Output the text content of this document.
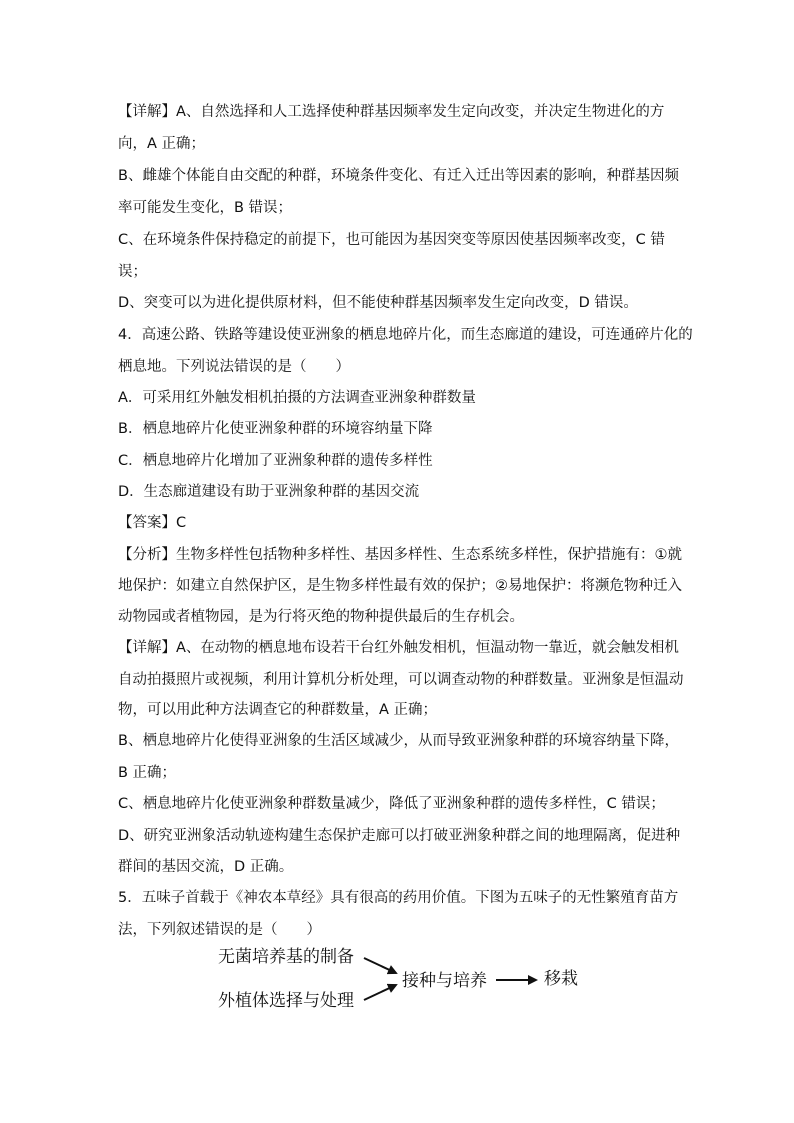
【详解】A、自然选择和人工选择使种群基因频率发生定向改变，并决定生物进化的方
向，A 正确；
B、雌雄个体能自由交配的种群，环境条件变化、有迁入迁出等因素的影响，种群基因频
率可能发生变化，B 错误；
C、在环境条件保持稳定的前提下，也可能因为基因突变等原因使基因频率改变，C 错
误；
D、突变可以为进化提供原材料，但不能使种群基因频率发生定向改变，D 错误。
4．高速公路、铁路等建设使亚洲象的栖息地碎片化，而生态廊道的建设，可连通碎片化的
栖息地。下列说法错误的是（　　）
A．可采用红外触发相机拍摄的方法调查亚洲象种群数量
B．栖息地碎片化使亚洲象种群的环境容纳量下降
C．栖息地碎片化增加了亚洲象种群的遗传多样性
D．生态廊道建设有助于亚洲象种群的基因交流
【答案】C
【分析】生物多样性包括物种多样性、基因多样性、生态系统多样性，保护措施有：①就
地保护：如建立自然保护区，是生物多样性最有效的保护；②易地保护：将濒危物种迁入
动物园或者植物园，是为行将灭绝的物种提供最后的生存机会。
【详解】A、在动物的栖息地布设若干台红外触发相机，恒温动物一靠近，就会触发相机
自动拍摄照片或视频，利用计算机分析处理，可以调查动物的种群数量。亚洲象是恒温动
物，可以用此种方法调查它的种群数量，A 正确；
B、栖息地碎片化使得亚洲象的生活区域减少，从而导致亚洲象种群的环境容纳量下降，
B 正确；
C、栖息地碎片化使亚洲象种群数量减少，降低了亚洲象种群的遗传多样性，C 错误；
D、研究亚洲象活动轨迹构建生态保护走廊可以打破亚洲象种群之间的地理隔离，促进种
群间的基因交流，D 正确。
5．五味子首载于《神农本草经》具有很高的药用价值。下图为五味子的无性繁殖育苗方
法，下列叙述错误的是（　　）
无菌培养基的制备
外植体选择与处理
接种与培养	移栽
